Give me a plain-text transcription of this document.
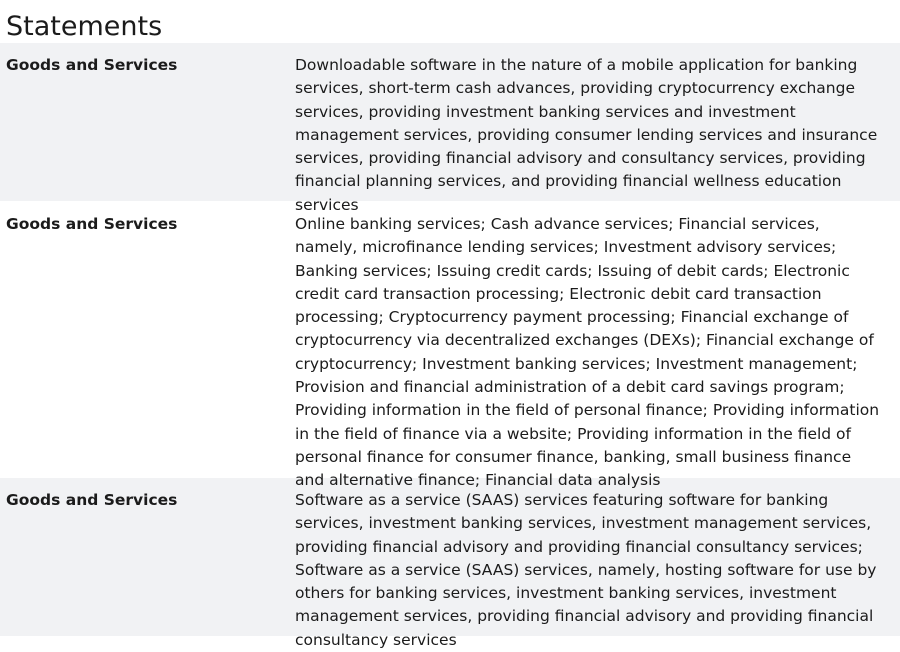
Statements
Goods and Services	Downloadable software in the nature of a mobile application for banking services, short-term cash advances, providing cryptocurrency exchange services, providing investment banking services and investment management services, providing consumer lending services and insurance services, providing financial advisory and consultancy services, providing financial planning services, and providing financial wellness education services
Goods and Services	Online banking services; Cash advance services; Financial services, namely, microfinance lending services; Investment advisory services; Banking services; Issuing credit cards; Issuing of debit cards; Electronic credit card transaction processing; Electronic debit card transaction processing; Cryptocurrency payment processing; Financial exchange of cryptocurrency via decentralized exchanges (DEXs); Financial exchange of cryptocurrency; Investment banking services; Investment management; Provision and financial administration of a debit card savings program; Providing information in the field of personal finance; Providing information in the field of finance via a website; Providing information in the field of personal finance for consumer finance, banking, small business finance and alternative finance; Financial data analysis
Goods and Services	Software as a service (SAAS) services featuring software for banking services, investment banking services, investment management services, providing financial advisory and providing financial consultancy services; Software as a service (SAAS) services, namely, hosting software for use by others for banking services, investment banking services, investment management services, providing financial advisory and providing financial consultancy services
